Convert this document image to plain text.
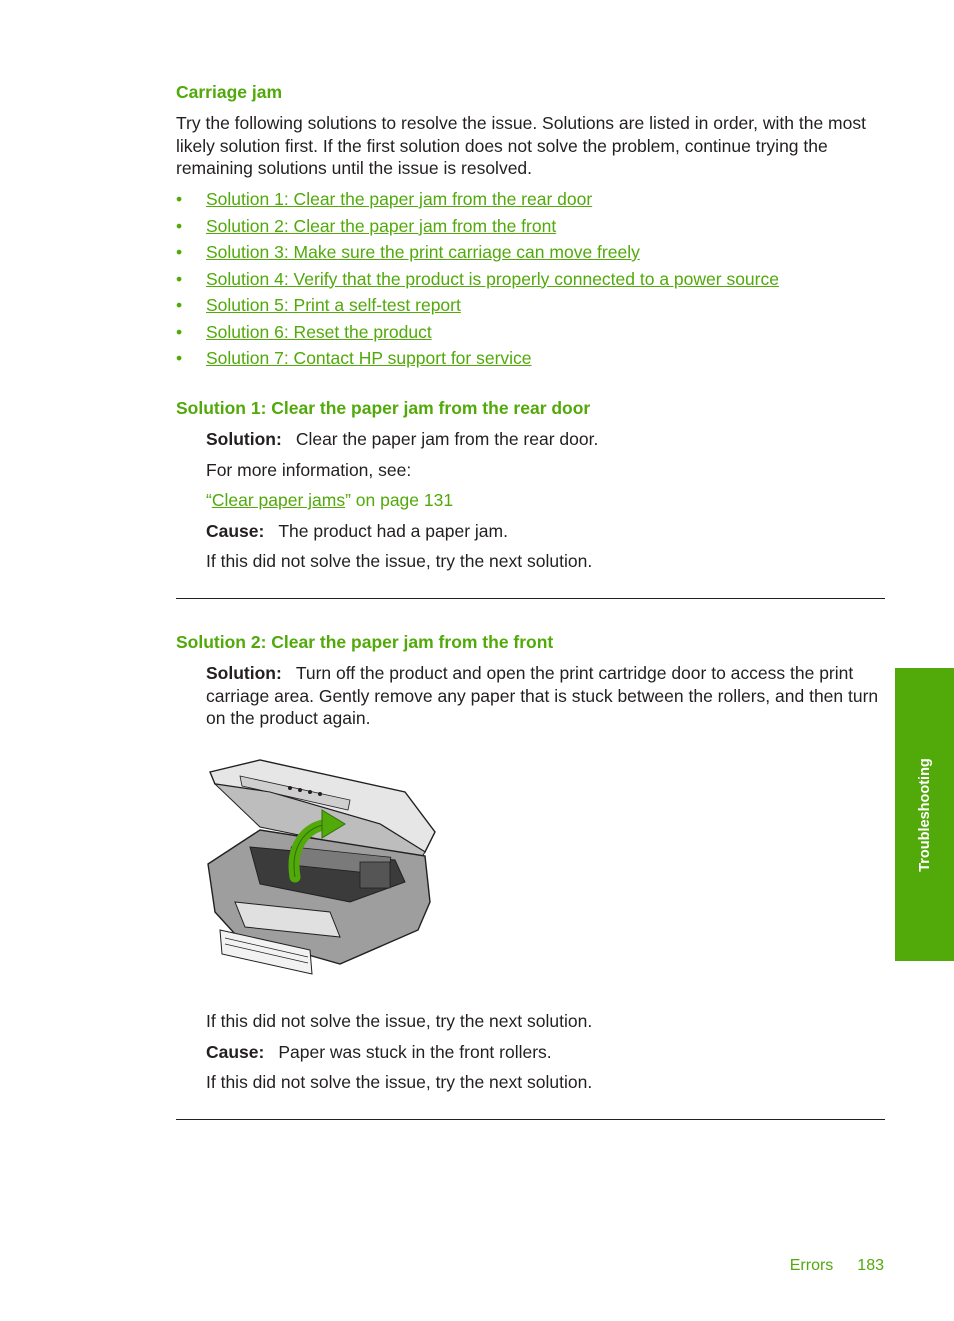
Carriage jam

Try the following solutions to resolve the issue. Solutions are listed in order, with the most likely solution first. If the first solution does not solve the problem, continue trying the remaining solutions until the issue is resolved.

• Solution 1: Clear the paper jam from the rear door
• Solution 2: Clear the paper jam from the front
• Solution 3: Make sure the print carriage can move freely
• Solution 4: Verify that the product is properly connected to a power source
• Solution 5: Print a self-test report
• Solution 6: Reset the product
• Solution 7: Contact HP support for service
Solution 1: Clear the paper jam from the rear door

Solution: Clear the paper jam from the rear door.

For more information, see:

“Clear paper jams” on page 131

Cause: The product had a paper jam.

If this did not solve the issue, try the next solution.

Solution 2: Clear the paper jam from the front

Solution: Turn off the product and open the print cartridge door to access the print carriage area. Gently remove any paper that is stuck between the rollers, and then turn on the product again.

If this did not solve the issue, try the next solution.

Cause: Paper was stuck in the front rollers.

If this did not solve the issue, try the next solution.

Troubleshooting
Errors 183
